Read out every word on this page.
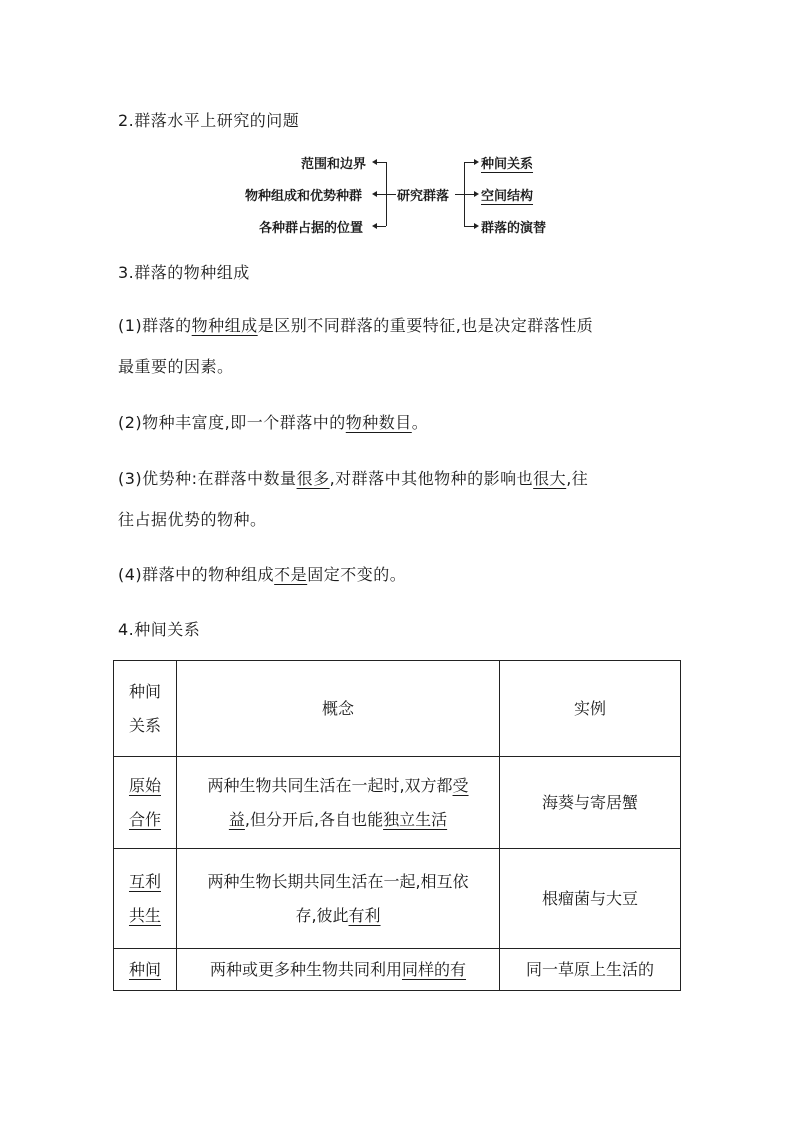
2.群落水平上研究的问题
范围和边界
物种组成和优势种群
各种群占据的位置
研究群落
种间关系
空间结构
群落的演替
3.群落的物种组成
(1)群落的物种组成是区别不同群落的重要特征,也是决定群落性质
最重要的因素。
(2)物种丰富度,即一个群落中的物种数目。
(3)优势种:在群落中数量很多,对群落中其他物种的影响也很大,往
往占据优势的物种。
(4)群落中的物种组成不是固定不变的。
4.种间关系
种间
关系	概念	实例
原始
合作	两种生物共同生活在一起时,双方都受
益,但分开后,各自也能独立生活	海葵与寄居蟹
互利
共生	两种生物长期共同生活在一起,相互依
存,彼此有利	根瘤菌与大豆
种间	两种或更多种生物共同利用同样的有	同一草原上生活的
